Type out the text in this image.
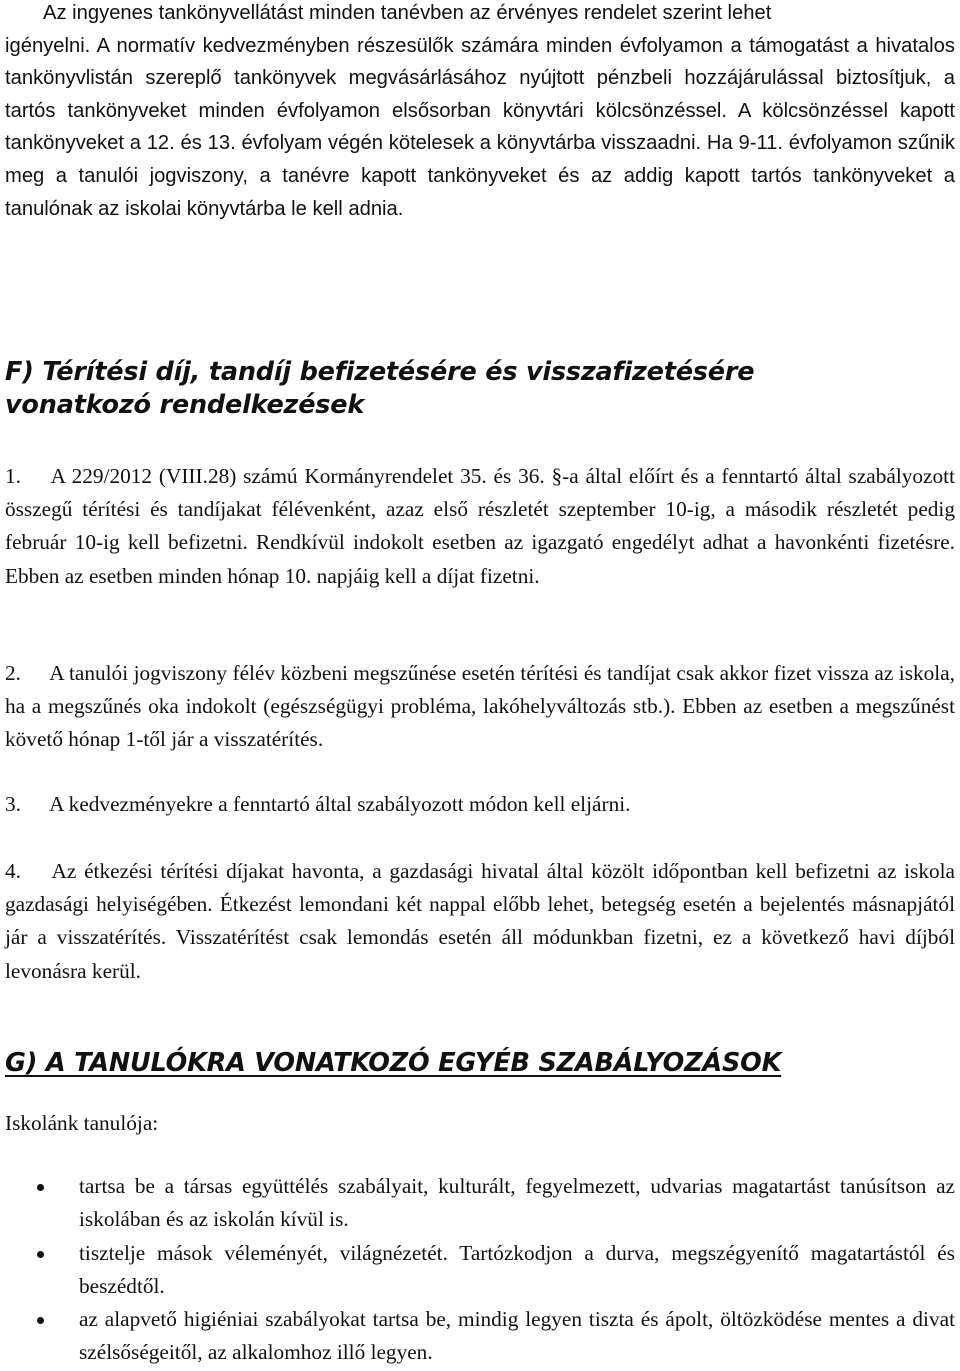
Az ingyenes tankönyvellátást minden tanévben az érvényes rendelet szerint lehet
igényelni. A normatív kedvezményben részesülők számára minden évfolyamon a támogatást a hivatalos tankönyvlistán szereplő tankönyvek megvásárlásához nyújtott pénzbeli hozzájárulással biztosítjuk, a tartós tankönyveket minden évfolyamon elsősorban könyvtári kölcsönzéssel. A kölcsönzéssel kapott tankönyveket a 12. és 13. évfolyam végén kötelesek a könyvtárba visszaadni. Ha 9-11. évfolyamon szűnik meg a tanulói jogviszony, a tanévre kapott tankönyveket és az addig kapott tartós tankönyveket a tanulónak az iskolai könyvtárba le kell adnia.
F) Térítési díj, tandíj befizetésére és visszafizetésére vonatkozó rendelkezések
1. A 229/2012 (VIII.28) számú Kormányrendelet 35. és 36. §-a által előírt és a fenntartó által szabályozott összegű térítési és tandíjakat félévenként, azaz első részletét szeptember 10-ig, a második részletét pedig február 10-ig kell befizetni. Rendkívül indokolt esetben az igazgató engedélyt adhat a havonkénti fizetésre. Ebben az esetben minden hónap 10. napjáig kell a díjat fizetni.
2. A tanulói jogviszony félév közbeni megszűnése esetén térítési és tandíjat csak akkor fizet vissza az iskola, ha a megszűnés oka indokolt (egészségügyi probléma, lakóhelyváltozás stb.). Ebben az esetben a megszűnést követő hónap 1-től jár a visszatérítés.
3. A kedvezményekre a fenntartó által szabályozott módon kell eljárni.
4. Az étkezési térítési díjakat havonta, a gazdasági hivatal által közölt időpontban kell befizetni az iskola gazdasági helyiségében. Étkezést lemondani két nappal előbb lehet, betegség esetén a bejelentés másnapjától jár a visszatérítés. Visszatérítést csak lemondás esetén áll módunkban fizetni, ez a következő havi díjból levonásra kerül.
G) A TANULÓKRA VONATKOZÓ EGYÉB SZABÁLYOZÁSOK
Iskolánk tanulója:
tartsa be a társas együttélés szabályait, kulturált, fegyelmezett, udvarias magatartást tanúsítson az iskolában és az iskolán kívül is.
tisztelje mások véleményét, világnézetét. Tartózkodjon a durva, megszégyenítő magatartástól és beszédtől.
az alapvető higiéniai szabályokat tartsa be, mindig legyen tiszta és ápolt, öltözködése mentes a divat szélsőségeitől, az alkalomhoz illő legyen.
